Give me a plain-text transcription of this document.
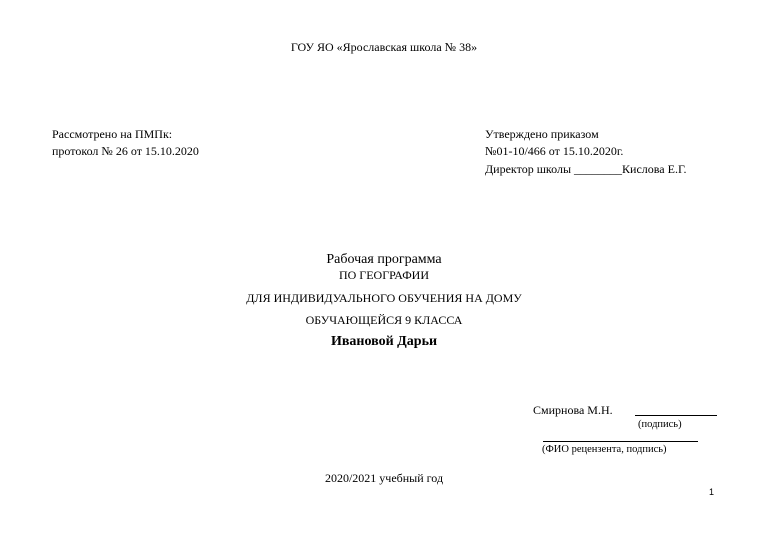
ГОУ ЯО «Ярославская школа № 38»
Рассмотрено на ПМПк:
протокол № 26 от 15.10.2020
Утверждено приказом
№01-10/466 от 15.10.2020г.
Директор школы ________Кислова Е.Г.
Рабочая программа
ПО ГЕОГРАФИИ
ДЛЯ ИНДИВИДУАЛЬНОГО ОБУЧЕНИЯ НА ДОМУ
ОБУЧАЮЩЕЙСЯ 9 КЛАССА
Ивановой Дарьи
Смирнова М.Н.
(подпись)
(ФИО рецензента, подпись)
2020/2021 учебный год
1
